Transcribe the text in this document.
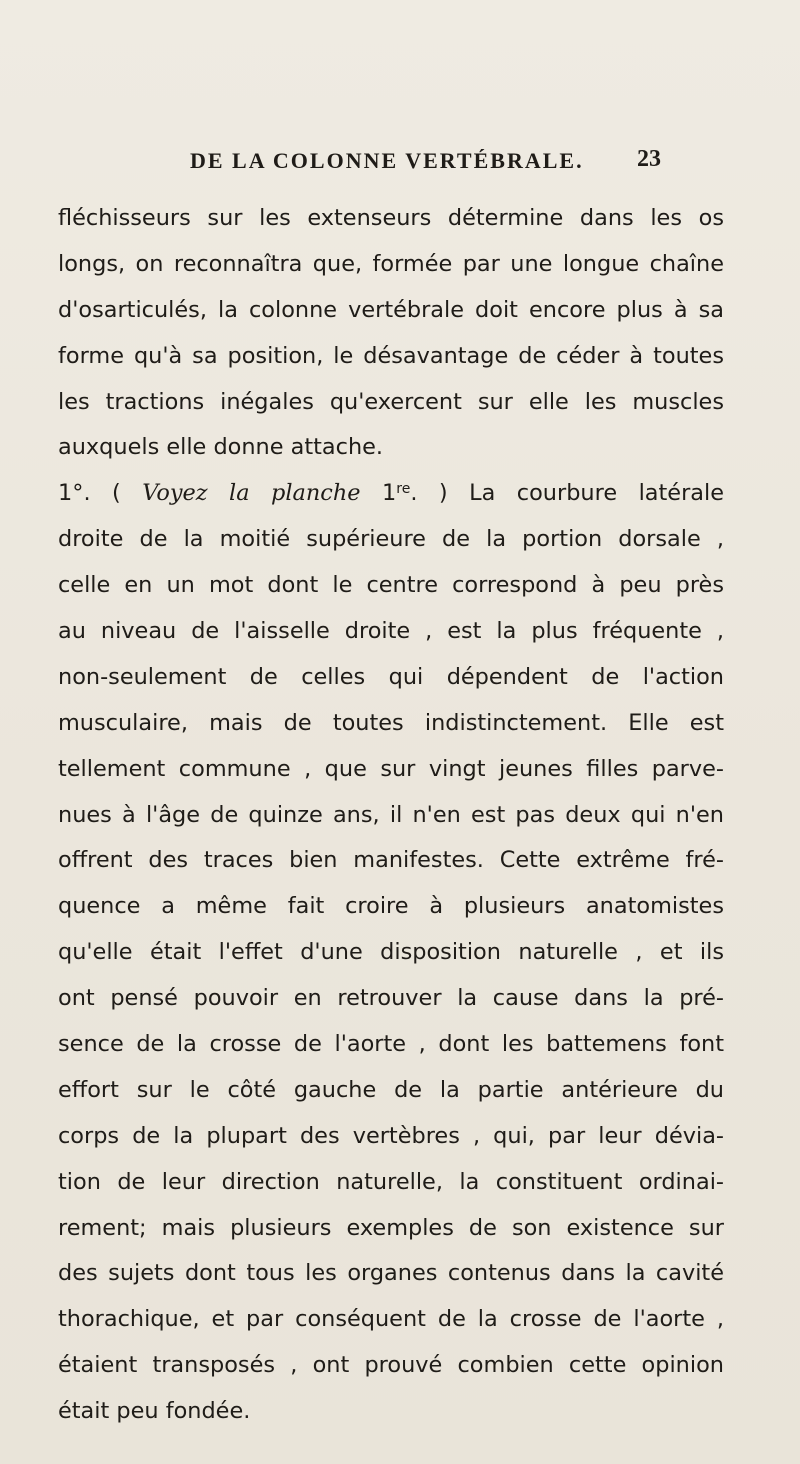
DE LA COLONNE VERTÉBRALE. 23
fléchisseurs sur les extenseurs détermine dans les os
longs, on reconnaîtra que, formée par une longue chaîne
d'osarticulés, la colonne vertébrale doit encore plus à sa
forme qu'à sa position, le désavantage de céder à toutes
les tractions inégales qu'exercent sur elle les muscles
auxquels elle donne attache.
1°. ( Voyez la planche 1re. ) La courbure latérale
droite de la moitié supérieure de la portion dorsale ,
celle en un mot dont le centre correspond à peu près
au niveau de l'aisselle droite , est la plus fréquente ,
non-seulement de celles qui dépendent de l'action
musculaire, mais de toutes indistinctement. Elle est
tellement commune , que sur vingt jeunes filles parve-
nues à l'âge de quinze ans, il n'en est pas deux qui n'en
offrent des traces bien manifestes. Cette extrême fré-
quence a même fait croire à plusieurs anatomistes
qu'elle était l'effet d'une disposition naturelle , et ils
ont pensé pouvoir en retrouver la cause dans la pré-
sence de la crosse de l'aorte , dont les battemens font
effort sur le côté gauche de la partie antérieure du
corps de la plupart des vertèbres , qui, par leur dévia-
tion de leur direction naturelle, la constituent ordinai-
rement; mais plusieurs exemples de son existence sur
des sujets dont tous les organes contenus dans la cavité
thorachique, et par conséquent de la crosse de l'aorte ,
étaient transposés , ont prouvé combien cette opinion
était peu fondée.
